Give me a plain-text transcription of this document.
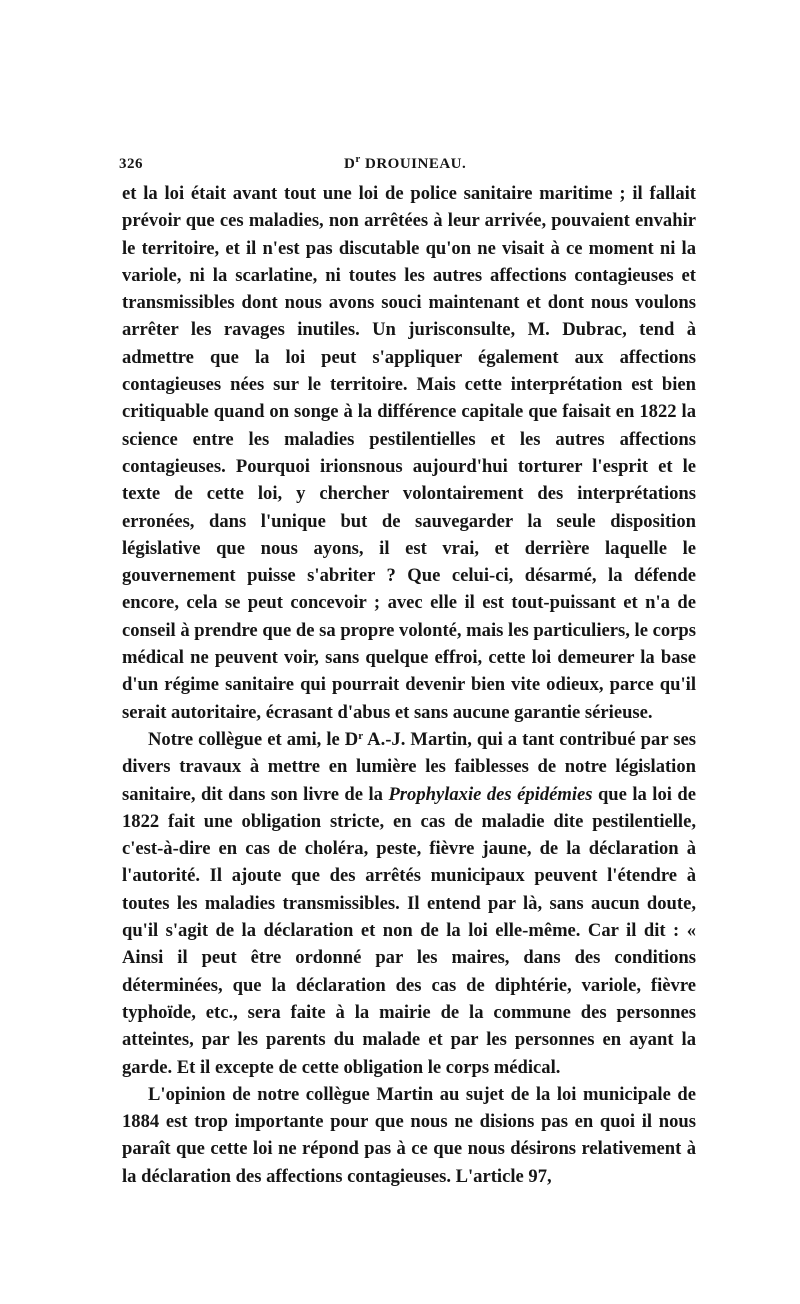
326	$D^r$ DROUINEAU.

et la loi était avant tout une loi de police sanitaire maritime ; il fallait prévoir que ces maladies, non arrêtées à leur arrivée, pouvaient envahir le territoire, et il n'est pas discutable qu'on ne visait à ce moment ni la variole, ni la scarlatine, ni toutes les autres affections contagieuses et transmissibles dont nous avons souci maintenant et dont nous voulons arrêter les ravages inutiles. Un jurisconsulte, M. Dubrac, tend à admettre que la loi peut s'appliquer également aux affections contagieuses nées sur le territoire. Mais cette interprétation est bien critiquable quand on songe à la différence capitale que faisait en 1822 la science entre les maladies pestilentielles et les autres affections contagieuses. Pourquoi irionsnous aujourd'hui torturer l'esprit et le texte de cette loi, y chercher volontairement des interprétations erronées, dans l'unique but de sauvegarder la seule disposition législative que nous ayons, il est vrai, et derrière laquelle le gouvernement puisse s'abriter ? Que celui-ci, désarmé, la défende encore, cela se peut concevoir ; avec elle il est tout-puissant et n'a de conseil à prendre que de sa propre volonté, mais les particuliers, le corps médical ne peuvent voir, sans quelque effroi, cette loi demeurer la base d'un régime sanitaire qui pourrait devenir bien vite odieux, parce qu'il serait autoritaire, écrasant d'abus et sans aucune garantie sérieuse.

Notre collègue et ami, le $D^r$ A.-J. Martin, qui a tant contribué par ses divers travaux à mettre en lumière les faiblesses de notre législation sanitaire, dit dans son livre de la Prophylaxie des épidémies que la loi de 1822 fait une obligation stricte, en cas de maladie dite pestilentielle, c'est-à-dire en cas de choléra, peste, fièvre jaune, de la déclaration à l'autorité. Il ajoute que des arrêtés municipaux peuvent l'étendre à toutes les maladies transmissibles. Il entend par là, sans aucun doute, qu'il s'agit de la déclaration et non de la loi elle-même. Car il dit : « Ainsi il peut être ordonné par les maires, dans des conditions déterminées, que la déclaration des cas de diphtérie, variole, fièvre typhoïde, etc., sera faite à la mairie de la commune des personnes atteintes, par les parents du malade et par les personnes en ayant la garde. Et il excepte de cette obligation le corps médical.

L'opinion de notre collègue Martin au sujet de la loi municipale de 1884 est trop importante pour que nous ne disions pas en quoi il nous paraît que cette loi ne répond pas à ce que nous désirons relativement à la déclaration des affections contagieuses. L'article 97,
